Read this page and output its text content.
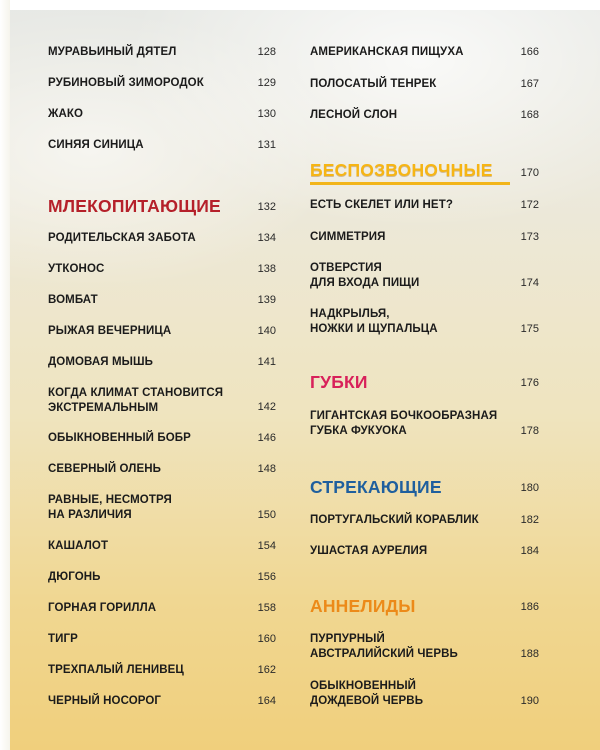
МУРАВЬИНЫЙ ДЯТЕЛ	128
РУБИНОВЫЙ ЗИМОРОДОК	129
ЖАКО	130
СИНЯЯ СИНИЦА	131
МЛЕКОПИТАЮЩИЕ	132
РОДИТЕЛЬСКАЯ ЗАБОТА	134
УТКОНОС	138
ВОМБАТ	139
РЫЖАЯ ВЕЧЕРНИЦА	140
ДОМОВАЯ МЫШЬ	141
КОГДА КЛИМАТ СТАНОВИТСЯ
ЭКСТРЕМАЛЬНЫМ	142
ОБЫКНОВЕННЫЙ БОБР	146
СЕВЕРНЫЙ ОЛЕНЬ	148
РАВНЫЕ, НЕСМОТРЯ
НА РАЗЛИЧИЯ	150
КАШАЛОТ	154
ДЮГОНЬ	156
ГОРНАЯ ГОРИЛЛА	158
ТИГР	160
ТРЕХПАЛЫЙ ЛЕНИВЕЦ	162
ЧЕРНЫЙ НОСОРОГ	164
АМЕРИКАНСКАЯ ПИЩУХА	166
ПОЛОСАТЫЙ ТЕНРЕК	167
ЛЕСНОЙ СЛОН	168
БЕСПОЗВОНОЧНЫЕ	170
ЕСТЬ СКЕЛЕТ ИЛИ НЕТ?	172
СИММЕТРИЯ	173
ОТВЕРСТИЯ
ДЛЯ ВХОДА ПИЩИ	174
НАДКРЫЛЬЯ,
НОЖКИ И ЩУПАЛЬЦА	175
ГУБКИ	176
ГИГАНТСКАЯ БОЧКООБРАЗНАЯ
ГУБКА ФУКУОКА	178
СТРЕКАЮЩИЕ	180
ПОРТУГАЛЬСКИЙ КОРАБЛИК	182
УШАСТАЯ АУРЕЛИЯ	184
АННЕЛИДЫ	186
ПУРПУРНЫЙ
АВСТРАЛИЙСКИЙ ЧЕРВЬ	188
ОБЫКНОВЕННЫЙ
ДОЖДЕВОЙ ЧЕРВЬ	190
